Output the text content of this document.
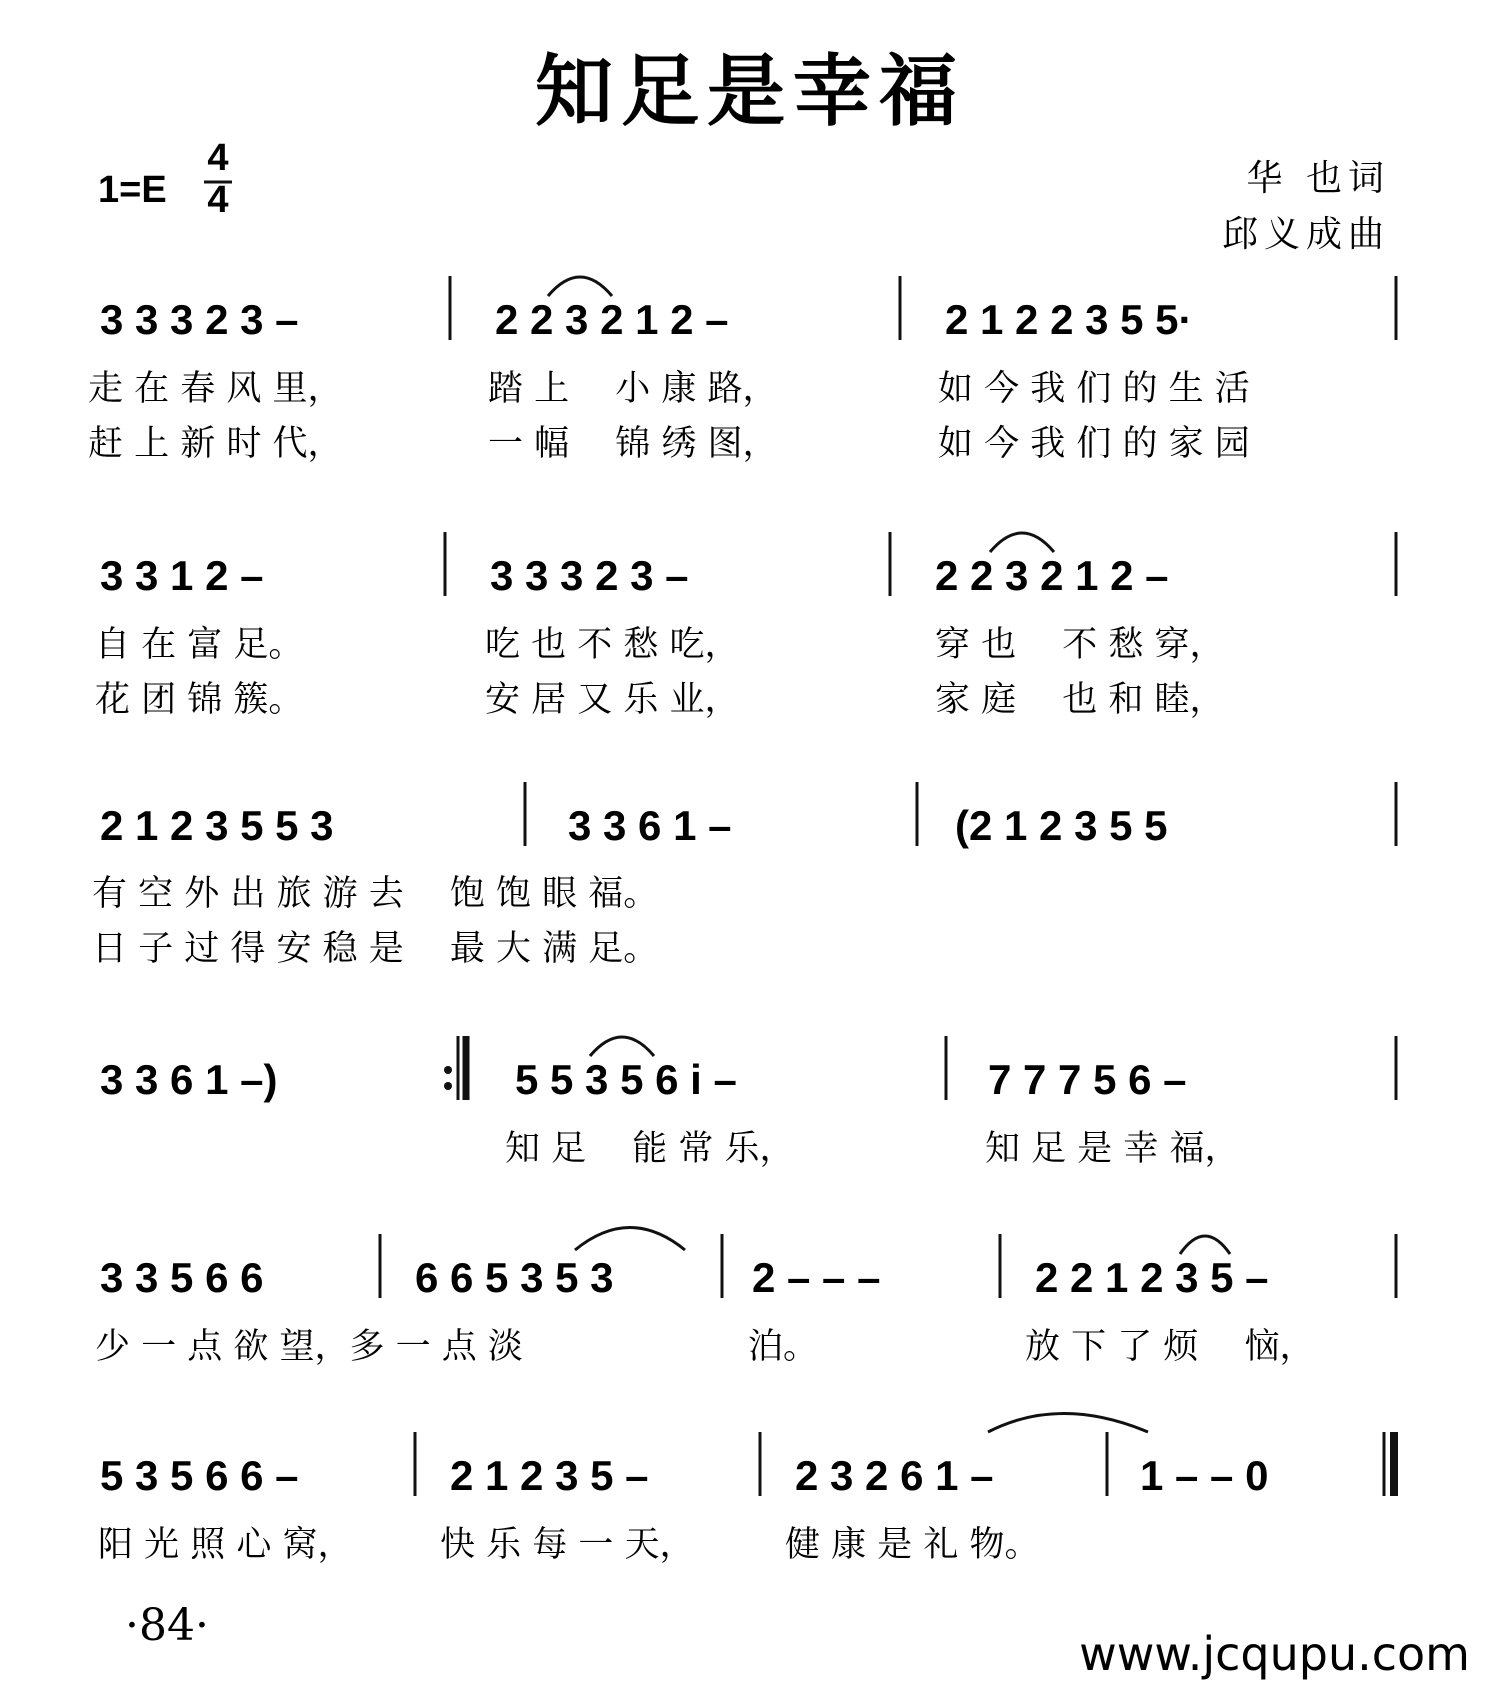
知足是幸福
1=E
4
4
华 也词
邱义成曲
3 3 3 2 3 –	2 2 3 2 1 2 –	2 1 2 2 3 5 5·
走 在 春 风 里，	踏 上　 小 康 路，	如 今 我 们 的 生 活
赶 上 新 时 代，	一 幅　 锦 绣 图，	如 今 我 们 的 家 园
3 3 1 2 –	3 3 3 2 3 –	2 2 3 2 1 2 –
自 在 富 足。	吃 也 不 愁 吃，	穿 也　 不 愁 穿，
花 团 锦 簇。	安 居 又 乐 业，	家 庭　 也 和 睦，
2 1 2 3 5 5 3	3 3 6 1 –	(2 1 2 3 5 5
有 空 外 出 旅 游 去　 饱 饱 眼 福。
日 子 过 得 安 稳 是　 最 大 满 足。
3 3 6 1 –)	5 5 3 5 6 i –	7 7 7 5 6 –
知 足　 能 常 乐，	知 足 是 幸 福，
3 3 5 6 6	6 6 5 3 5 3	2 – – –	2 2 1 2 3 5 –
少 一 点 欲 望，多 一 点 淡	泊。	放 下 了 烦　 恼，
5 3 5 6 6 –	2 1 2 3 5 –	2 3 2 6 1 –	1 – – 0
阳 光 照 心 窝， 快 乐 每 一 天，	健 康 是 礼 物。
·84·
www.jcqupu.com
